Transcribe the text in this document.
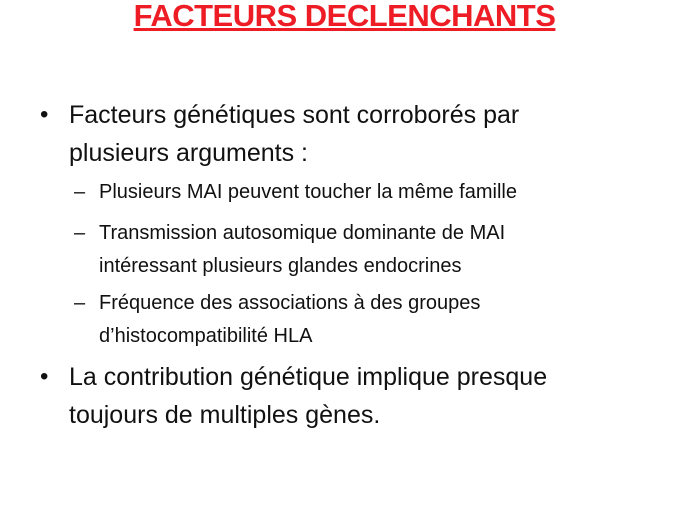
FACTEURS DECLENCHANTS
• Facteurs génétiques sont corroborés par
plusieurs arguments :
– Plusieurs MAI peuvent toucher la même famille
– Transmission autosomique dominante de MAI
intéressant plusieurs glandes endocrines
– Fréquence des associations à des groupes
d’histocompatibilité HLA
• La contribution génétique implique presque
toujours de multiples gènes.
